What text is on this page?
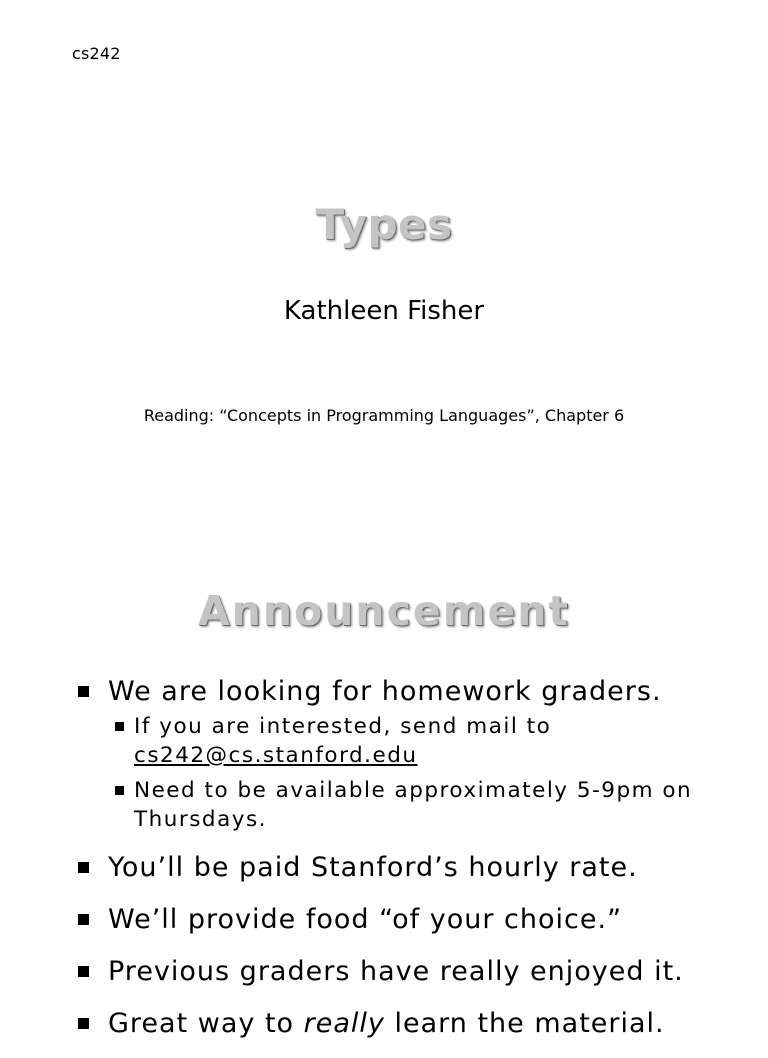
cs242
Types
Kathleen Fisher
Reading: “Concepts in Programming Languages”, Chapter 6
Announcement
We are looking for homework graders.
If you are interested, send mail to
cs242@cs.stanford.edu
Need to be available approximately 5-9pm on Thursdays.
You’ll be paid Stanford’s hourly rate.
We’ll provide food “of your choice.”
Previous graders have really enjoyed it.
Great way to really learn the material.
